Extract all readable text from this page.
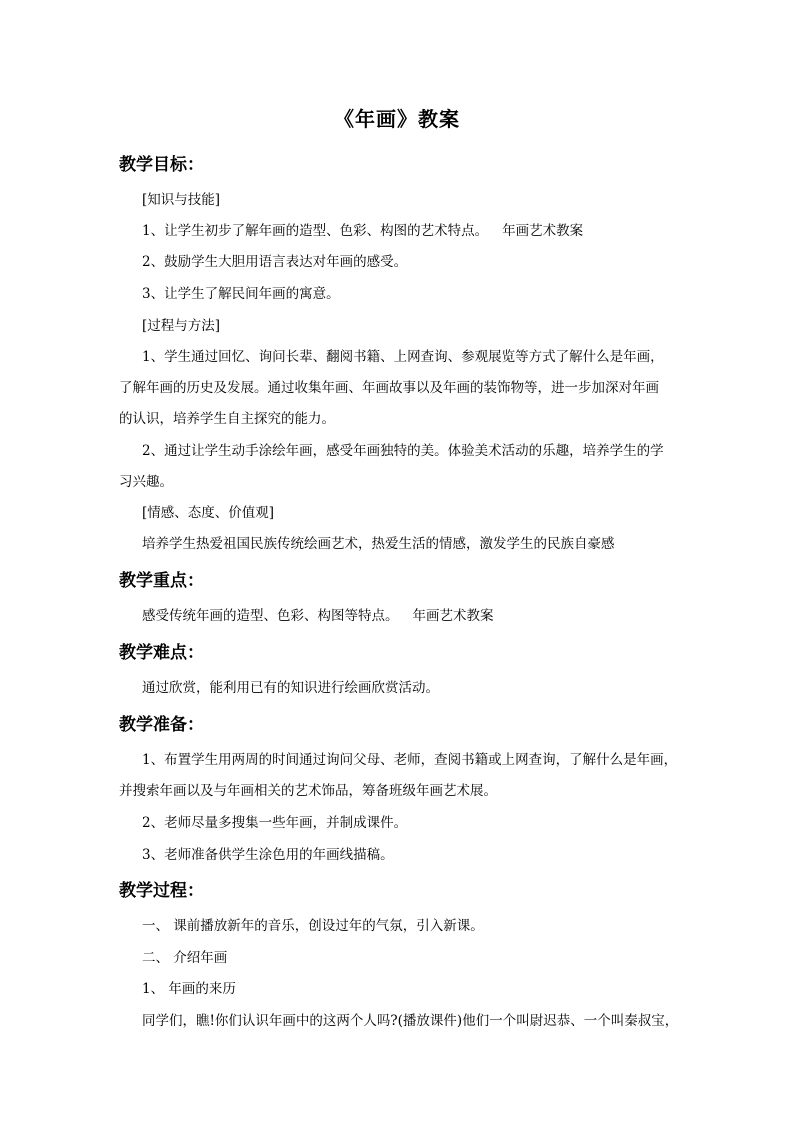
《年画》教案
教学目标：
[知识与技能]
1、让学生初步了解年画的造型、色彩、构图的艺术特点。 年画艺术教案
2、鼓励学生大胆用语言表达对年画的感受。
3、让学生了解民间年画的寓意。
[过程与方法]
1、学生通过回忆、询问长辈、翻阅书籍、上网查询、参观展览等方式了解什么是年画，
了解年画的历史及发展。通过收集年画、年画故事以及年画的装饰物等，进一步加深对年画
的认识，培养学生自主探究的能力。
2、通过让学生动手涂绘年画，感受年画独特的美。体验美术活动的乐趣，培养学生的学
习兴趣。
[情感、态度、价值观]
培养学生热爱祖国民族传统绘画艺术，热爱生活的情感，激发学生的民族自豪感
教学重点：
感受传统年画的造型、色彩、构图等特点。 年画艺术教案
教学难点：
通过欣赏，能利用已有的知识进行绘画欣赏活动。
教学准备：
1、布置学生用两周的时间通过询问父母、老师，查阅书籍或上网查询，了解什么是年画，
并搜索年画以及与年画相关的艺术饰品，筹备班级年画艺术展。
2、老师尽量多搜集一些年画，并制成课件。
3、老师准备供学生涂色用的年画线描稿。
教学过程：
一、 课前播放新年的音乐，创设过年的气氛，引入新课。
二、 介绍年画
1、 年画的来历
同学们，瞧!你们认识年画中的这两个人吗?(播放课件)他们一个叫尉迟恭、一个叫秦叔宝，
